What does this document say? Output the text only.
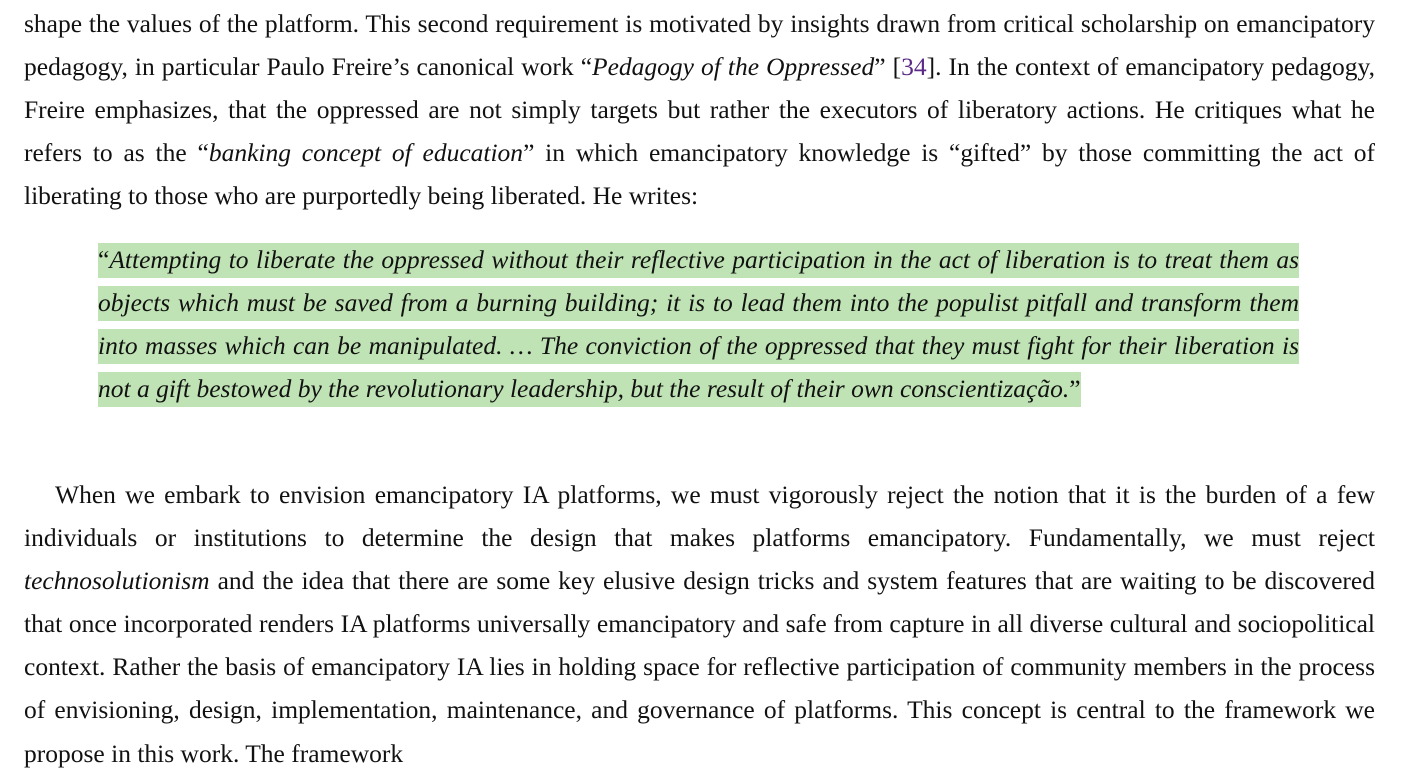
shape the values of the platform. This second requirement is motivated by insights drawn from critical scholarship on emancipatory pedagogy, in particular Paulo Freire’s canonical work “Pedagogy of the Oppressed” [34]. In the context of emancipatory pedagogy, Freire emphasizes, that the oppressed are not simply targets but rather the executors of liberatory actions. He critiques what he refers to as the “banking concept of education” in which emancipatory knowledge is “gifted” by those committing the act of liberating to those who are purportedly being liberated. He writes:

“Attempting to liberate the oppressed without their reflective participation in the act of liberation is to treat them as objects which must be saved from a burning building; it is to lead them into the populist pitfall and transform them into masses which can be manipulated. … The conviction of the oppressed that they must fight for their liberation is not a gift bestowed by the revolutionary leadership, but the result of their own conscientização.”

When we embark to envision emancipatory IA platforms, we must vigorously reject the notion that it is the burden of a few individuals or institutions to determine the design that makes platforms emancipatory. Fundamentally, we must reject technosolutionism and the idea that there are some key elusive design tricks and system features that are waiting to be discovered that once incorporated renders IA platforms universally emancipatory and safe from capture in all diverse cultural and sociopolitical context. Rather the basis of emancipatory IA lies in holding space for reflective participation of community members in the process of envisioning, design, implementation, maintenance, and governance of platforms. This concept is central to the framework we propose in this work. The framework
